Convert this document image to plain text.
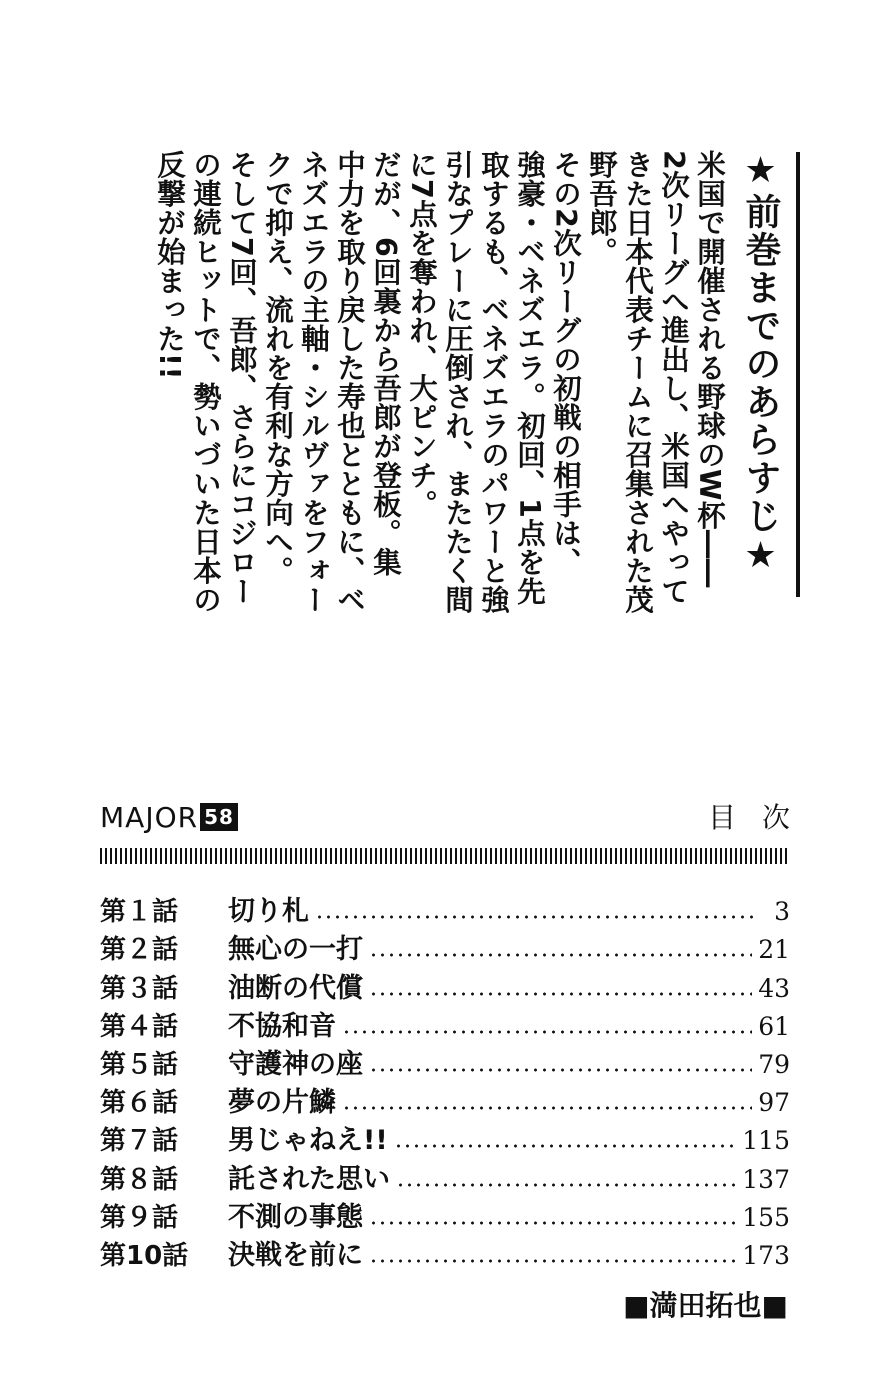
★前巻までのあらすじ★
米国で開催される野球のW杯――
2次リーグへ進出し、米国へやって
きた日本代表チームに召集された茂
野吾郎。
その2次リーグの初戦の相手は、
強豪・ベネズエラ。初回、1点を先
取するも、ベネズエラのパワーと強
引なプレーに圧倒され、またたく間
に7点を奪われ、大ピンチ。
だが、6回裏から吾郎が登板。集
中力を取り戻した寿也とともに、ベ
ネズエラの主軸・シルヴァをフォー
クで抑え、流れを有利な方向へ。
そして7回、吾郎、さらにコジロー
の連続ヒットで、勢いづいた日本の
反撃が始まった!!
MAJOR 58	目次
第１話	切り札	3
第２話	無心の一打	21
第３話	油断の代償	43
第４話	不協和音	61
第５話	守護神の座	79
第６話	夢の片鱗	97
第７話	男じゃねえ!!	115
第８話	託された思い	137
第９話	不測の事態	155
第10話	決戦を前に	173
■満田拓也■
